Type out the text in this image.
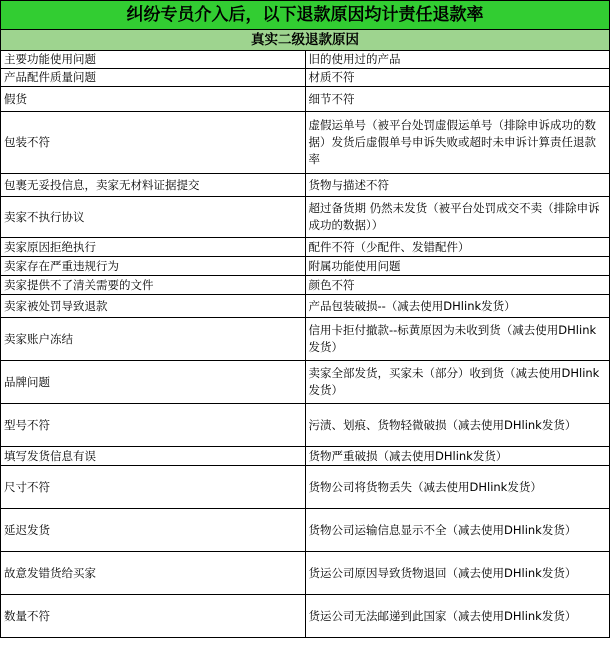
纠纷专员介入后，以下退款原因均计责任退款率	
真实二级退款原因	
主要功能使用问题	旧的使用过的产品
产品配件质量问题	材质不符
假货	细节不符
包装不符	虚假运单号（被平台处罚虚假运单号（排除申诉成功的数据）发货后虚假单号申诉失败或超时未申诉计算责任退款率
包裹无妥投信息，卖家无材料证据提交	货物与描述不符
卖家不执行协议	超过备货期 仍然未发货（被平台处罚成交不卖（排除申诉成功的数据））
卖家原因拒绝执行	配件不符（少配件、发错配件）
卖家存在严重违规行为	附属功能使用问题
卖家提供不了清关需要的文件	颜色不符
卖家被处罚导致退款	产品包装破损--（减去使用DHlink发货）
卖家账户冻结	信用卡拒付撤款--标黄原因为未收到货（减去使用DHlink发货）
品牌问题	卖家全部发货，买家未（部分）收到货（减去使用DHlink发货）
型号不符	污渍、划痕、货物轻微破损（减去使用DHlink发货）
填写发货信息有误	货物严重破损（减去使用DHlink发货）
尺寸不符	货物公司将货物丢失（减去使用DHlink发货）
延迟发货	货物公司运输信息显示不全（减去使用DHlink发货）
故意发错货给买家	货运公司原因导致货物退回（减去使用DHlink发货）
数量不符	货运公司无法邮递到此国家（减去使用DHlink发货）
